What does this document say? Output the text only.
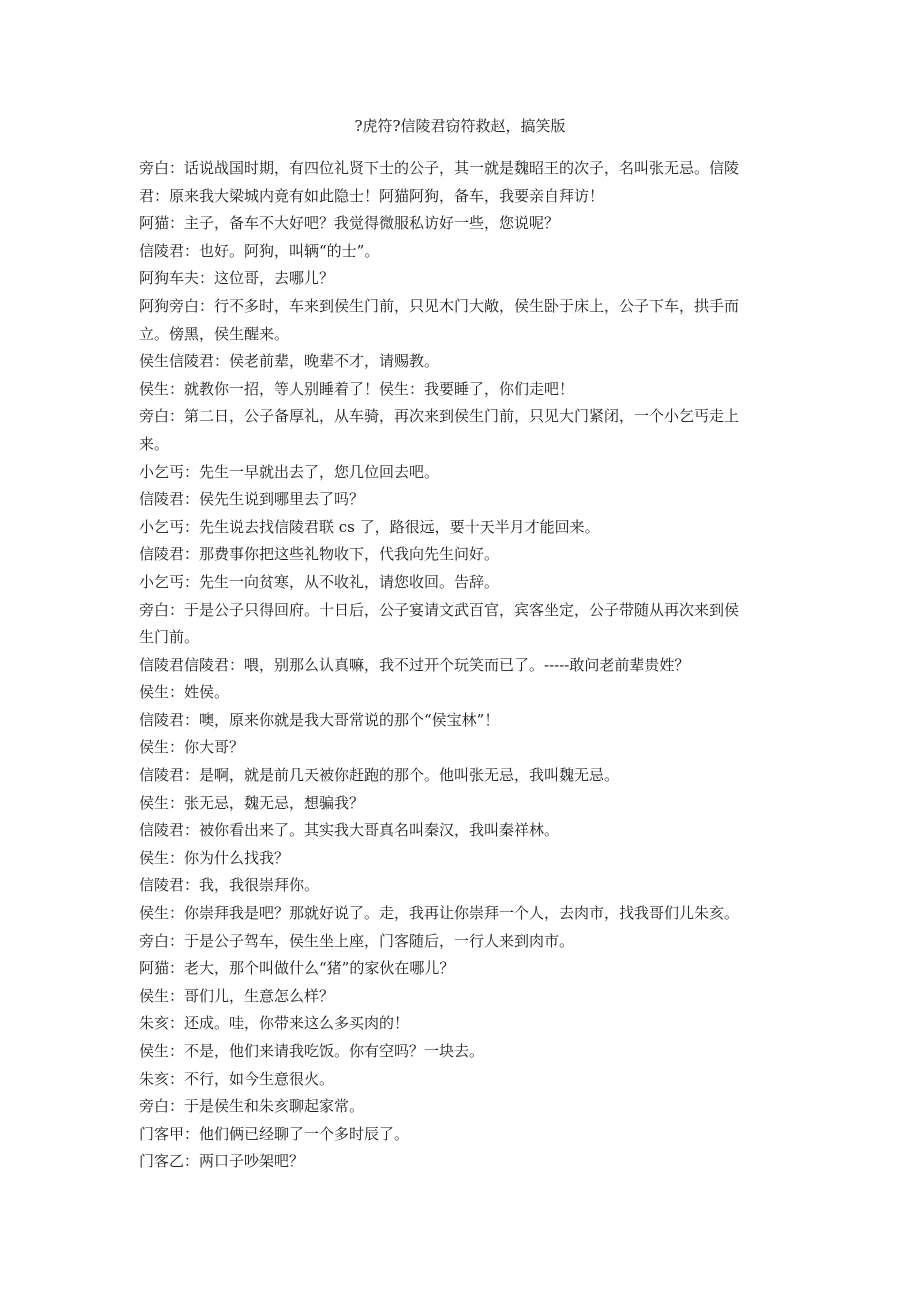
?虎符?信陵君窃符救赵，搞笑版

旁白：话说战国时期，有四位礼贤下士的公子，其一就是魏昭王的次子，名叫张无忌。信陵

君：原来我大梁城内竟有如此隐士！阿猫阿狗，备车，我要亲自拜访！

阿猫：主子，备车不大好吧？我觉得微服私访好一些，您说呢？

信陵君：也好。阿狗，叫辆“的士”。

阿狗车夫：这位哥，去哪儿？

阿狗旁白：行不多时，车来到侯生门前，只见木门大敞，侯生卧于床上，公子下车，拱手而

立。傍黑，侯生醒来。

侯生信陵君：侯老前辈，晚辈不才，请赐教。

侯生：就教你一招，等人别睡着了！侯生：我要睡了，你们走吧！

旁白：第二日，公子备厚礼，从车骑，再次来到侯生门前，只见大门紧闭，一个小乞丐走上

来。

小乞丐：先生一早就出去了，您几位回去吧。

信陵君：侯先生说到哪里去了吗？

小乞丐：先生说去找信陵君联 cs 了，路很远，要十天半月才能回来。

信陵君：那费事你把这些礼物收下，代我向先生问好。

小乞丐：先生一向贫寒，从不收礼，请您收回。告辞。

旁白：于是公子只得回府。十日后，公子宴请文武百官，宾客坐定，公子带随从再次来到侯

生门前。

信陵君信陵君：喂，别那么认真嘛，我不过开个玩笑而已了。-----敢问老前辈贵姓？

侯生：姓侯。

信陵君：噢，原来你就是我大哥常说的那个“侯宝林”！

侯生：你大哥？

信陵君：是啊，就是前几天被你赶跑的那个。他叫张无忌，我叫魏无忌。

侯生：张无忌，魏无忌，想骗我？

信陵君：被你看出来了。其实我大哥真名叫秦汉，我叫秦祥林。

侯生：你为什么找我？

信陵君：我，我很崇拜你。

侯生：你崇拜我是吧？那就好说了。走，我再让你崇拜一个人，去肉市，找我哥们儿朱亥。

旁白：于是公子驾车，侯生坐上座，门客随后，一行人来到肉市。

阿猫：老大，那个叫做什么“猪”的家伙在哪儿？

侯生：哥们儿，生意怎么样？

朱亥：还成。哇，你带来这么多买肉的！

侯生：不是，他们来请我吃饭。你有空吗？一块去。

朱亥：不行，如今生意很火。

旁白：于是侯生和朱亥聊起家常。

门客甲：他们俩已经聊了一个多时辰了。

门客乙：两口子吵架吧？
